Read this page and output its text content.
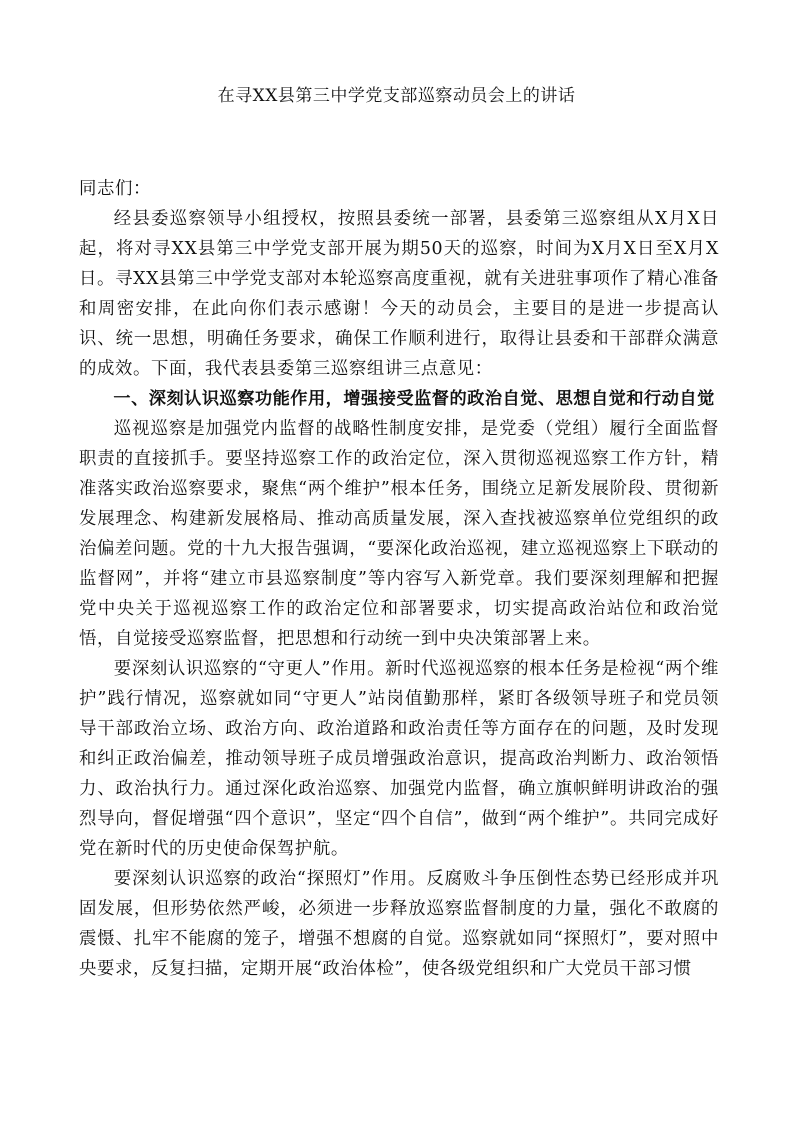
在寻XX县第三中学党支部巡察动员会上的讲话

同志们：

经县委巡察领导小组授权，按照县委统一部署，县委第三巡察组从X月X日起，将对寻XX县第三中学党支部开展为期50天的巡察，时间为X月X日至X月X日。寻XX县第三中学党支部对本轮巡察高度重视，就有关进驻事项作了精心准备和周密安排，在此向你们表示感谢！今天的动员会，主要目的是进一步提高认识、统一思想，明确任务要求，确保工作顺利进行，取得让县委和干部群众满意的成效。下面，我代表县委第三巡察组讲三点意见：

一、深刻认识巡察功能作用，增强接受监督的政治自觉、思想自觉和行动自觉

巡视巡察是加强党内监督的战略性制度安排，是党委（党组）履行全面监督职责的直接抓手。要坚持巡察工作的政治定位，深入贯彻巡视巡察工作方针，精准落实政治巡察要求，聚焦“两个维护”根本任务，围绕立足新发展阶段、贯彻新发展理念、构建新发展格局、推动高质量发展，深入查找被巡察单位党组织的政治偏差问题。党的十九大报告强调，“要深化政治巡视，建立巡视巡察上下联动的监督网”，并将“建立市县巡察制度”等内容写入新党章。我们要深刻理解和把握党中央关于巡视巡察工作的政治定位和部署要求，切实提高政治站位和政治觉悟，自觉接受巡察监督，把思想和行动统一到中央决策部署上来。

要深刻认识巡察的“守更人”作用。新时代巡视巡察的根本任务是检视“两个维护”践行情况，巡察就如同“守更人”站岗值勤那样，紧盯各级领导班子和党员领导干部政治立场、政治方向、政治道路和政治责任等方面存在的问题，及时发现和纠正政治偏差，推动领导班子成员增强政治意识，提高政治判断力、政治领悟力、政治执行力。通过深化政治巡察、加强党内监督，确立旗帜鲜明讲政治的强烈导向，督促增强“四个意识”，坚定“四个自信”，做到“两个维护”。共同完成好党在新时代的历史使命保驾护航。

要深刻认识巡察的政治“探照灯”作用。反腐败斗争压倒性态势已经形成并巩固发展，但形势依然严峻，必须进一步释放巡察监督制度的力量，强化不敢腐的震慑、扎牢不能腐的笼子，增强不想腐的自觉。巡察就如同“探照灯”，要对照中央要求，反复扫描，定期开展“政治体检”，使各级党组织和广大党员干部习惯
